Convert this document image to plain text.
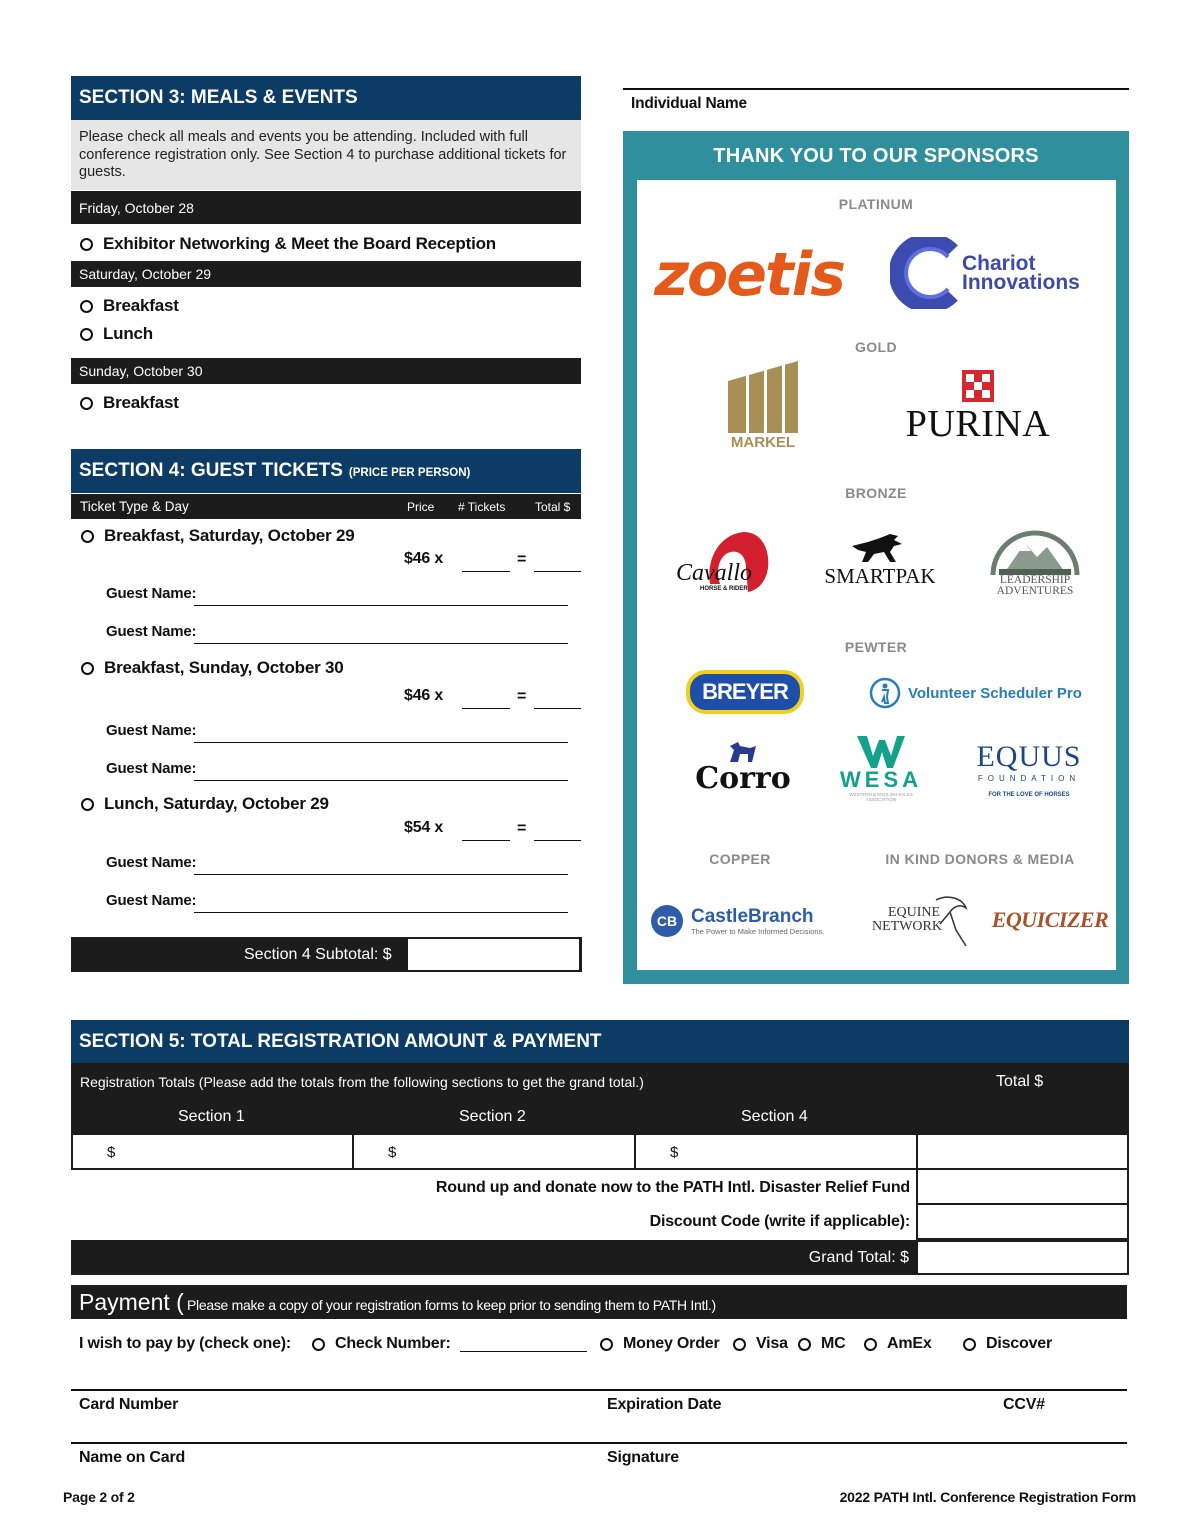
SECTION 3: MEALS & EVENTS
Please check all meals and events you be attending. Included with full conference registration only. See Section 4 to purchase additional tickets for guests.
Friday, October 28
Exhibitor Networking & Meet the Board Reception
Saturday, October 29
Breakfast
Lunch
Sunday, October 30
Breakfast
SECTION 4: GUEST TICKETS (PRICE PER PERSON)
Ticket Type & Day	Price # Tickets Total $
Breakfast, Saturday, October 29
$46 x	=
Guest Name:
Guest Name:
Breakfast, Sunday, October 30
$46 x	=
Guest Name:
Guest Name:
Lunch, Saturday, October 29
$54 x	=
Guest Name:
Guest Name:
Section 4 Subtotal: $
Individual Name
THANK YOU TO OUR SPONSORS
PLATINUM
GOLD
BRONZE
PEWTER
COPPER	IN KIND DONORS & MEDIA
zoetis	Chariot
Innovations
MARKEL	PURINA
Cavallo
HORSE & RIDER
SMARTPAK	LEADERSHIP
ADVENTURES
BREYER	Volunteer Scheduler Pro
Corro WESA
WESTERN & ENGLISH SALES ASSOCIATION
EQUUS
FOUNDATION
FOR THE LOVE OF HORSES
CB CastleBranch
The Power to Make Informed Decisions.
EQUINE
NETWORK EQUICIZER
SECTION 5: TOTAL REGISTRATION AMOUNT & PAYMENT
Registration Totals (Please add the totals from the following sections to get the grand total.)	Total $
Section 1	Section 2	Section 4
$	$	$
Round up and donate now to the PATH Intl. Disaster Relief Fund
Discount Code (write if applicable):
Grand Total: $
Payment ( Please make a copy of your registration forms to keep prior to sending them to PATH Intl.)
I wish to pay by (check one):	Check Number:	Money Order Visa MC	AmEx	Discover
Card Number	Expiration Date	CCV#
Name on Card	Signature
Page 2 of 2	2022 PATH Intl. Conference Registration Form
